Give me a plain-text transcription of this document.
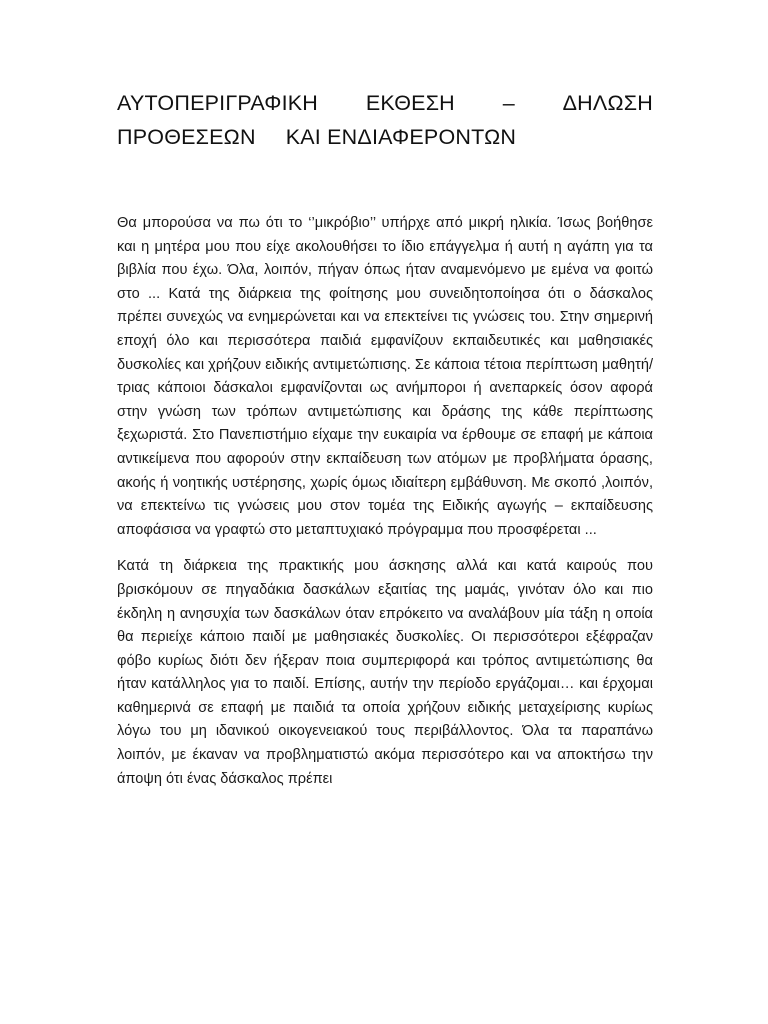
ΑΥΤΟΠΕΡΙΓΡΑΦΙΚΗ ΕΚΘΕΣΗ – ΔΗΛΩΣΗ
ΠΡΟΘΕΣΕΩΝ ΚΑΙ ΕΝΔΙΑΦΕΡΟΝΤΩΝ

Θα μπορούσα να πω ότι το ‘’μικρόβιο’’ υπήρχε από μικρή ηλικία. Ίσως βοήθησε και η μητέρα μου που είχε ακολουθήσει το ίδιο επάγγελμα ή αυτή η αγάπη για τα βιβλία που έχω. Όλα, λοιπόν, πήγαν όπως ήταν αναμενόμενο με εμένα να φοιτώ στο ... Κατά της διάρκεια της φοίτησης μου συνειδητοποίησα ότι ο δάσκαλος πρέπει συνεχώς να ενημερώνεται και να επεκτείνει τις γνώσεις του. Στην σημερινή εποχή όλο και περισσότερα παιδιά εμφανίζουν εκπαιδευτικές και μαθησιακές δυσκολίες και χρήζουν ειδικής αντιμετώπισης. Σε κάποια τέτοια περίπτωση μαθητή/τριας κάποιοι δάσκαλοι εμφανίζονται ως ανήμποροι ή ανεπαρκείς όσον αφορά στην γνώση των τρόπων αντιμετώπισης και δράσης της κάθε περίπτωσης ξεχωριστά. Στο Πανεπιστήμιο είχαμε την ευκαιρία να έρθουμε σε επαφή με κάποια αντικείμενα που αφορούν στην εκπαίδευση των ατόμων με προβλήματα όρασης, ακοής ή νοητικής υστέρησης, χωρίς όμως ιδιαίτερη εμβάθυνση. Με σκοπό ,λοιπόν, να επεκτείνω τις γνώσεις μου στον τομέα της Ειδικής αγωγής – εκπαίδευσης αποφάσισα να γραφτώ στο μεταπτυχιακό πρόγραμμα που προσφέρεται ...

Κατά τη διάρκεια της πρακτικής μου άσκησης αλλά και κατά καιρούς που βρισκόμουν σε πηγαδάκια δασκάλων εξαιτίας της μαμάς, γινόταν όλο και πιο έκδηλη η ανησυχία των δασκάλων όταν επρόκειτο να αναλάβουν μία τάξη η οποία θα περιείχε κάποιο παιδί με μαθησιακές δυσκολίες. Οι περισσότεροι εξέφραζαν φόβο κυρίως διότι δεν ήξεραν ποια συμπεριφορά και τρόπος αντιμετώπισης θα ήταν κατάλληλος για το παιδί. Επίσης, αυτήν την περίοδο εργάζομαι… και έρχομαι καθημερινά σε επαφή με παιδιά τα οποία χρήζουν ειδικής μεταχείρισης κυρίως λόγω του μη ιδανικού οικογενειακού τους περιβάλλοντος. Όλα τα παραπάνω λοιπόν, με έκαναν να προβληματιστώ ακόμα περισσότερο και να αποκτήσω την άποψη ότι ένας δάσκαλος πρέπει
